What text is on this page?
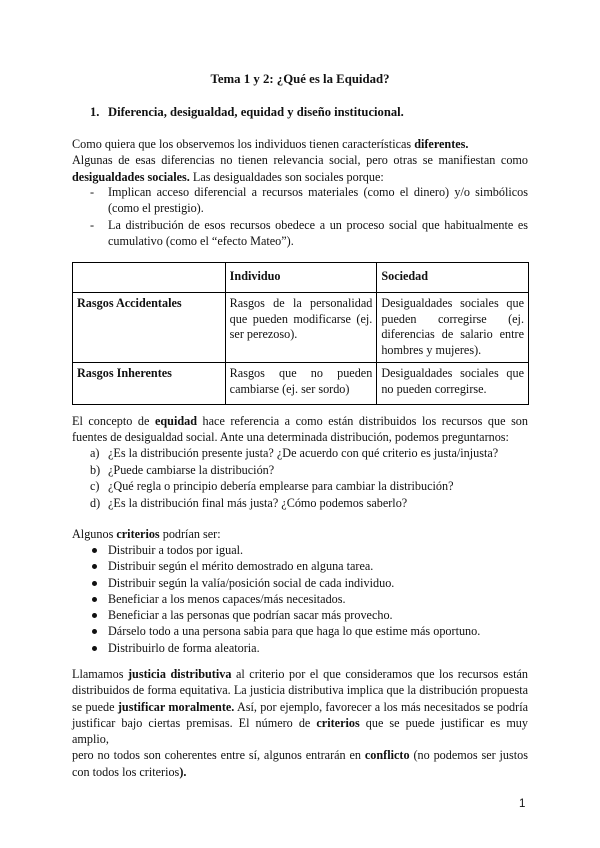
Tema 1 y 2: ¿Qué es la Equidad?
1. Diferencia, desigualdad, equidad y diseño institucional.
Como quiera que los observemos los individuos tienen características diferentes.
Algunas de esas diferencias no tienen relevancia social, pero otras se manifiestan como
desigualdades sociales. Las desigualdades son sociales porque:
- Implican acceso diferencial a recursos materiales (como el dinero) y/o simbólicos (como el prestigio).
- La distribución de esos recursos obedece a un proceso social que habitualmente es cumulativo (como el “efecto Mateo”).
	Individuo	Sociedad
Rasgos Accidentales	Rasgos de la personalidad que pueden modificarse (ej. ser perezoso).	Desigualdades sociales que pueden corregirse (ej. diferencias de salario entre hombres y mujeres).
Rasgos Inherentes	Rasgos que no pueden cambiarse (ej. ser sordo)	Desigualdades sociales que no pueden corregirse.
El concepto de equidad hace referencia a como están distribuidos los recursos que son
fuentes de desigualdad social. Ante una determinada distribución, podemos preguntarnos:
a) ¿Es la distribución presente justa? ¿De acuerdo con qué criterio es justa/injusta?
b) ¿Puede cambiarse la distribución?
c) ¿Qué regla o principio debería emplearse para cambiar la distribución?
d) ¿Es la distribución final más justa? ¿Cómo podemos saberlo?
Algunos criterios podrían ser:
Distribuir a todos por igual.
Distribuir según el mérito demostrado en alguna tarea.
Distribuir según la valía/posición social de cada individuo.
Beneficiar a los menos capaces/más necesitados.
Beneficiar a las personas que podrían sacar más provecho.
Dárselo todo a una persona sabia para que haga lo que estime más oportuno.
Distribuirlo de forma aleatoria.
Llamamos justicia distributiva al criterio por el que consideramos que los recursos están
distribuidos de forma equitativa. La justicia distributiva implica que la distribución propuesta
se puede justificar moralmente. Así, por ejemplo, favorecer a los más necesitados se podría
justificar bajo ciertas premisas. El número de criterios que se puede justificar es muy amplio,
pero no todos son coherentes entre sí, algunos entrarán en conflicto (no podemos ser justos
con todos los criterios).
1
